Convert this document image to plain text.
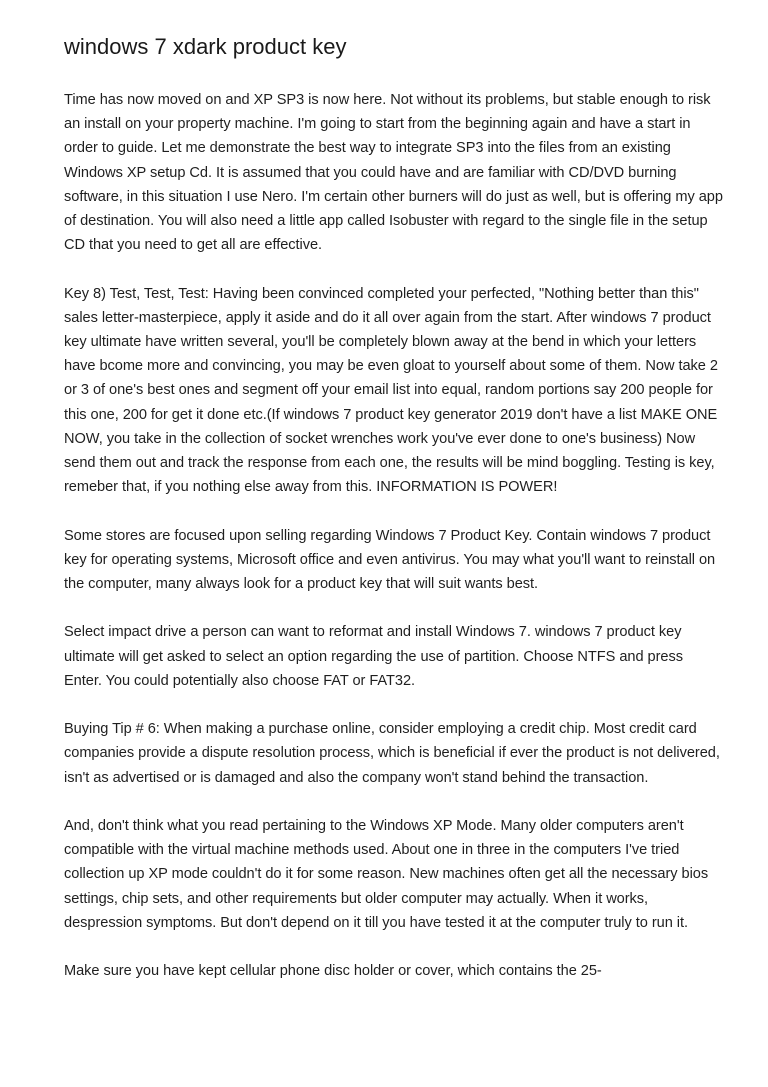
windows 7 xdark product key

Time has now moved on and XP SP3 is now here. Not without its problems, but stable enough to risk an install on your property machine. I'm going to start from the beginning again and have a start in order to guide. Let me demonstrate the best way to integrate SP3 into the files from an existing Windows XP setup Cd. It is assumed that you could have and are familiar with CD/DVD burning software, in this situation I use Nero. I'm certain other burners will do just as well, but is offering my app of destination. You will also need a little app called Isobuster with regard to the single file in the setup CD that you need to get all are effective.

Key 8) Test, Test, Test: Having been convinced completed your perfected, "Nothing better than this" sales letter-masterpiece, apply it aside and do it all over again from the start. After windows 7 product key ultimate have written several, you'll be completely blown away at the bend in which your letters have bcome more and convincing, you may be even gloat to yourself about some of them. Now take 2 or 3 of one's best ones and segment off your email list into equal, random portions say 200 people for this one, 200 for get it done etc.(If windows 7 product key generator 2019 don't have a list MAKE ONE NOW, you take in the collection of socket wrenches work you've ever done to one's business) Now send them out and track the response from each one, the results will be mind boggling. Testing is key, remeber that, if you nothing else away from this. INFORMATION IS POWER!

Some stores are focused upon selling regarding Windows 7 Product Key. Contain windows 7 product key for operating systems, Microsoft office and even antivirus. You may what you'll want to reinstall on the computer, many always look for a product key that will suit wants best.

Select impact drive a person can want to reformat and install Windows 7. windows 7 product key ultimate will get asked to select an option regarding the use of partition. Choose NTFS and press Enter. You could potentially also choose FAT or FAT32.

Buying Tip # 6: When making a purchase online, consider employing a credit chip. Most credit card companies provide a dispute resolution process, which is beneficial if ever the product is not delivered, isn't as advertised or is damaged and also the company won't stand behind the transaction.

And, don't think what you read pertaining to the Windows XP Mode. Many older computers aren't compatible with the virtual machine methods used. About one in three in the computers I've tried collection up XP mode couldn't do it for some reason. New machines often get all the necessary bios settings, chip sets, and other requirements but older computer may actually. When it works, despression symptoms. But don't depend on it till you have tested it at the computer truly to run it.

Make sure you have kept cellular phone disc holder or cover, which contains the 25-
